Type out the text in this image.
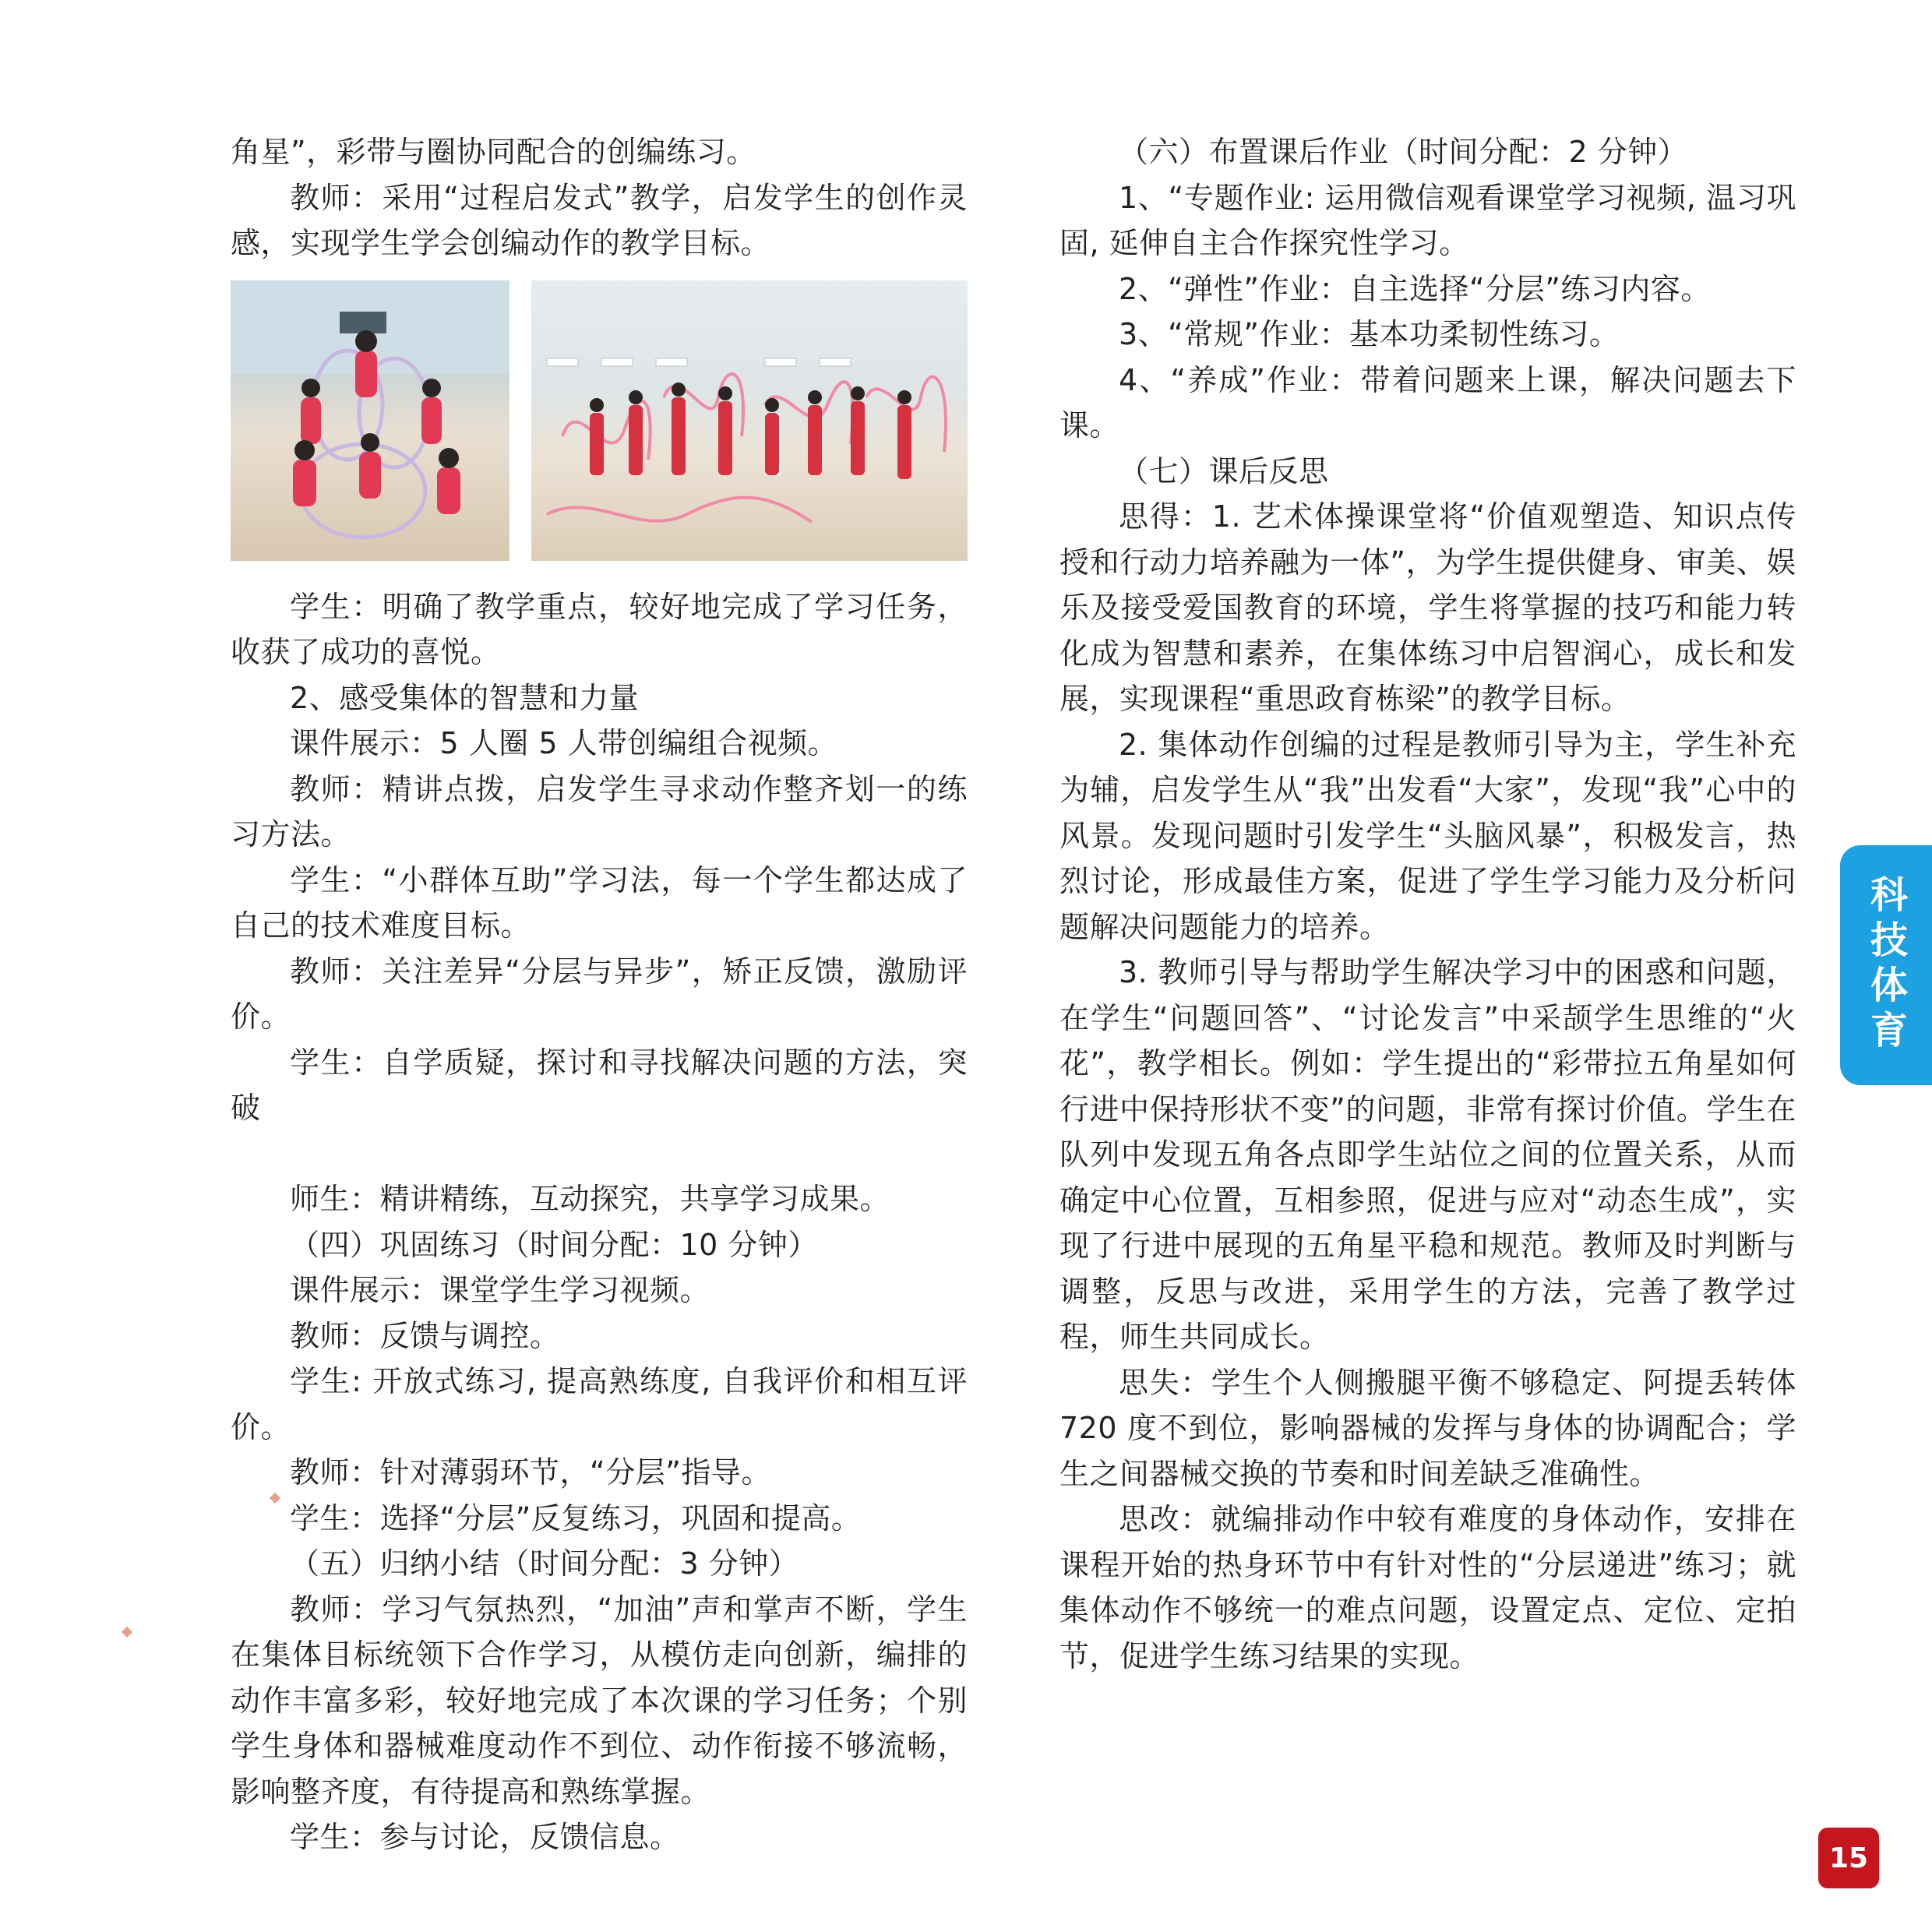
角星”，彩带与圈协同配合的创编练习。

教师：采用“过程启发式”教学，启发学生的创作灵感，实现学生学会创编动作的教学目标。

学生：明确了教学重点，较好地完成了学习任务，收获了成功的喜悦。

2、感受集体的智慧和力量

课件展示：5 人圈 5 人带创编组合视频。

教师：精讲点拨，启发学生寻求动作整齐划一的练习方法。

学生：“小群体互助”学习法，每一个学生都达成了自己的技术难度目标。

教师：关注差异“分层与异步”，矫正反馈，激励评价。

学生：自学质疑，探讨和寻找解决问题的方法，突破

师生：精讲精练，互动探究，共享学习成果。

（四）巩固练习（时间分配：10 分钟）

课件展示：课堂学生学习视频。

教师：反馈与调控。

学生: 开放式练习, 提高熟练度, 自我评价和相互评价。

教师：针对薄弱环节，“分层”指导。

学生：选择“分层”反复练习，巩固和提高。

（五）归纳小结（时间分配：3 分钟）

教师：学习气氛热烈，“加油”声和掌声不断，学生在集体目标统领下合作学习，从模仿走向创新，编排的动作丰富多彩，较好地完成了本次课的学习任务；个别学生身体和器械难度动作不到位、动作衔接不够流畅，影响整齐度，有待提高和熟练掌握。

学生：参与讨论，反馈信息。

（六）布置课后作业（时间分配：2 分钟）

1、“专题作业: 运用微信观看课堂学习视频, 温习巩固, 延伸自主合作探究性学习。

2、“弹性”作业：自主选择“分层”练习内容。

3、“常规”作业：基本功柔韧性练习。

4、“养成”作业：带着问题来上课，解决问题去下课。

（七）课后反思

思得：1. 艺术体操课堂将“价值观塑造、知识点传授和行动力培养融为一体”，为学生提供健身、审美、娱乐及接受爱国教育的环境，学生将掌握的技巧和能力转化成为智慧和素养，在集体练习中启智润心，成长和发展，实现课程“重思政育栋梁”的教学目标。

2. 集体动作创编的过程是教师引导为主，学生补充为辅，启发学生从“我”出发看“大家”，发现“我”心中的风景。发现问题时引发学生“头脑风暴”，积极发言，热烈讨论，形成最佳方案，促进了学生学习能力及分析问题解决问题能力的培养。

3. 教师引导与帮助学生解决学习中的困惑和问题，在学生“问题回答”、“讨论发言”中采颉学生思维的“火花”，教学相长。例如：学生提出的“彩带拉五角星如何行进中保持形状不变”的问题，非常有探讨价值。学生在队列中发现五角各点即学生站位之间的位置关系，从而确定中心位置，互相参照，促进与应对“动态生成”，实现了行进中展现的五角星平稳和规范。教师及时判断与调整，反思与改进，采用学生的方法，完善了教学过程，师生共同成长。

思失：学生个人侧搬腿平衡不够稳定、阿提丢转体720 度不到位，影响器械的发挥与身体的协调配合；学生之间器械交换的节奏和时间差缺乏准确性。

思改：就编排动作中较有难度的身体动作，安排在课程开始的热身环节中有针对性的“分层递进”练习；就集体动作不够统一的难点问题，设置定点、定位、定拍节，促进学生练习结果的实现。

科技体育
15
